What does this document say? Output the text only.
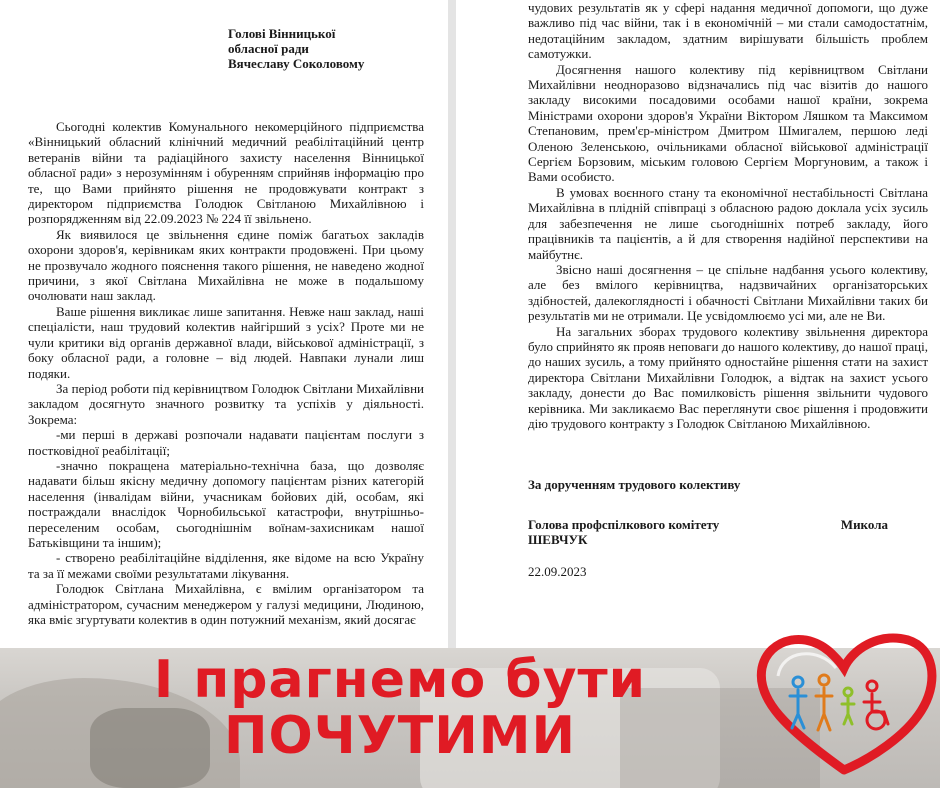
Голові Вінницької
обласної ради
Вячеславу Соколовому

Сьогодні колектив Комунального некомерційного підприємства «Вінницький обласний клінічний медичний реабілітаційний центр ветеранів війни та радіаційного захисту населення Вінницької обласної ради» з нерозумінням і обуренням сприйняв інформацію про те, що Вами прийнято рішення не продовжувати контракт з директором підприємства Голодюк Світланою Михайлівною і розпорядженням від 22.09.2023 № 224 її звільнено.

Як виявилося це звільнення єдине поміж багатьох закладів охорони здоров'я, керівникам яких контракти продовжені. При цьому не прозвучало жодного пояснення такого рішення, не наведено жодної причини, з якої Світлана Михайлівна не може в подальшому очолювати наш заклад.

Ваше рішення викликає лише запитання. Невже наш заклад, наші спеціалісти, наш трудовий колектив найгірший з усіх? Проте ми не чули критики від органів державної влади, військової адміністрації, з боку обласної ради, а головне – від людей. Навпаки лунали лиш подяки.

За період роботи під керівництвом Голодюк Світлани Михайлівни закладом досягнуто значного розвитку та успіхів у діяльності. Зокрема:

-ми перші в державі розпочали надавати пацієнтам послуги з постковідної реабілітації;

-значно покращена матеріально-технічна база, що дозволяє надавати більш якісну медичну допомогу пацієнтам різних категорій населення (інвалідам війни, учасникам бойових дій, особам, які постраждали внаслідок Чорнобильської катастрофи, внутрішньо-переселеним особам, сьогоднішнім воїнам-захисникам нашої Батьківщини та іншим);

- створено реабілітаційне відділення, яке відоме на всю Україну та за її межами своїми результатами лікування.

Голодюк Світлана Михайлівна, є вмілим організатором та адміністратором, сучасним менеджером у галузі медицини, Людиною, яка вміє згуртувати колектив в один потужний механізм, який досягає

чудових результатів як у сфері надання медичної допомоги, що дуже важливо під час війни, так і в економічній – ми стали самодостатнім, недотаційним закладом, здатним вирішувати більшість проблем самотужки.

Досягнення нашого колективу під керівництвом Світлани Михайлівни неодноразово відзначались під час візитів до нашого закладу високими посадовими особами нашої країни, зокрема Міністрами охорони здоров'я України Віктором Ляшком та Максимом Степановим, прем'єр-міністром Дмитром Шмигалем, першою леді Оленою Зеленською, очільниками обласної військової адміністрації Сергієм Борзовим, міським головою Сергієм Моргуновим, а також і Вами особисто.

В умовах воєнного стану та економічної нестабільності Світлана Михайлівна в плідній співпраці з обласною радою доклала усіх зусиль для забезпечення не лише сьогоднішніх потреб закладу, його працівників та пацієнтів, а й для створення надійної перспективи на майбутнє.

Звісно наші досягнення – це спільне надбання усього колективу, але без вмілого керівництва, надзвичайних організаторських здібностей, далекоглядності і обачності Світлани Михайлівни таких би результатів ми не отримали. Це усвідомлюємо усі ми, але не Ви.

На загальних зборах трудового колективу звільнення директора було сприйнято як прояв неповаги до нашого колективу, до нашої праці, до наших зусиль, а тому прийнято одностайне рішення стати на захист директора Світлани Михайлівни Голодюк, а відтак на захист усього закладу, донести до Вас помилковість рішення звільнити чудового керівника. Ми закликаємо Вас переглянути своє рішення і продовжити дію трудового контракту з Голодюк Світланою Михайлівною.

За дорученням трудового колективу

Голова профспілкового комітету	Микола

ШЕВЧУК

22.09.2023

І прагнемо бути
ПОЧУТИМИ
